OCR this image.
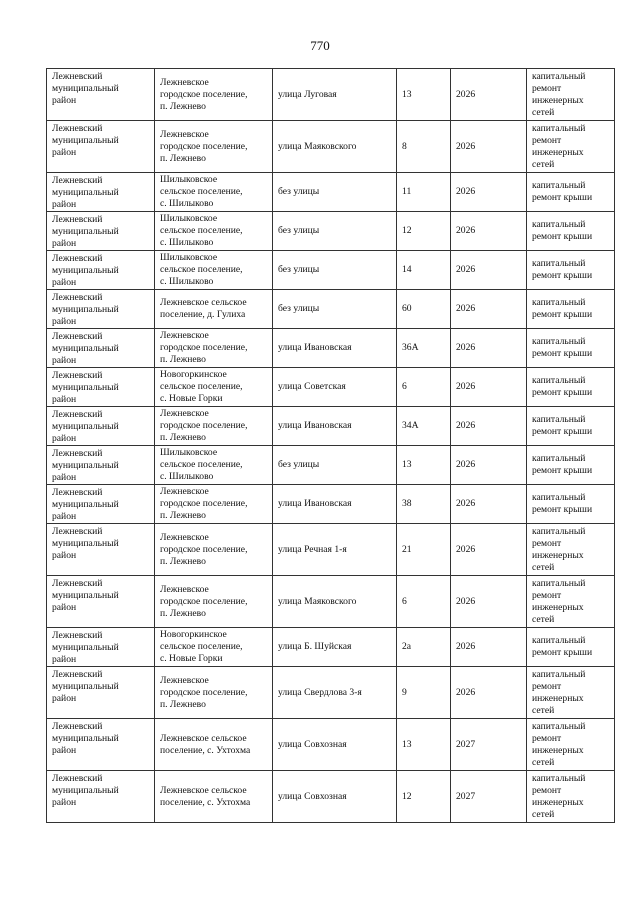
770
Лежневский
муниципальный
район	Лежневское
городское поселение,
п. Лежнево	улица Луговая	13	2026	капитальный
ремонт
инженерных
сетей
Лежневский
муниципальный
район	Лежневское
городское поселение,
п. Лежнево	улица Маяковского	8	2026	капитальный
ремонт
инженерных
сетей
Лежневский
муниципальный
район	Шилыковское
сельское поселение,
с. Шилыково	без улицы	11	2026	капитальный
ремонт крыши
Лежневский
муниципальный
район	Шилыковское
сельское поселение,
с. Шилыково	без улицы	12	2026	капитальный
ремонт крыши
Лежневский
муниципальный
район	Шилыковское
сельское поселение,
с. Шилыково	без улицы	14	2026	капитальный
ремонт крыши
Лежневский
муниципальный
район	Лежневское сельское
поселение, д. Гулиха	без улицы	60	2026	капитальный
ремонт крыши
Лежневский
муниципальный
район	Лежневское
городское поселение,
п. Лежнево	улица Ивановская	36А	2026	капитальный
ремонт крыши
Лежневский
муниципальный
район	Новогоркинское
сельское поселение,
с. Новые Горки	улица Советская	6	2026	капитальный
ремонт крыши
Лежневский
муниципальный
район	Лежневское
городское поселение,
п. Лежнево	улица Ивановская	34А	2026	капитальный
ремонт крыши
Лежневский
муниципальный
район	Шилыковское
сельское поселение,
с. Шилыково	без улицы	13	2026	капитальный
ремонт крыши
Лежневский
муниципальный
район	Лежневское
городское поселение,
п. Лежнево	улица Ивановская	38	2026	капитальный
ремонт крыши
Лежневский
муниципальный
район	Лежневское
городское поселение,
п. Лежнево	улица Речная 1-я	21	2026	капитальный
ремонт
инженерных
сетей
Лежневский
муниципальный
район	Лежневское
городское поселение,
п. Лежнево	улица Маяковского	6	2026	капитальный
ремонт
инженерных
сетей
Лежневский
муниципальный
район	Новогоркинское
сельское поселение,
с. Новые Горки	улица Б. Шуйская	2а	2026	капитальный
ремонт крыши
Лежневский
муниципальный
район	Лежневское
городское поселение,
п. Лежнево	улица Свердлова 3-я	9	2026	капитальный
ремонт
инженерных
сетей
Лежневский
муниципальный
район	Лежневское сельское
поселение, с. Ухтохма	улица Совхозная	13	2027	капитальный
ремонт
инженерных
сетей
Лежневский
муниципальный
район	Лежневское сельское
поселение, с. Ухтохма	улица Совхозная	12	2027	капитальный
ремонт
инженерных
сетей
